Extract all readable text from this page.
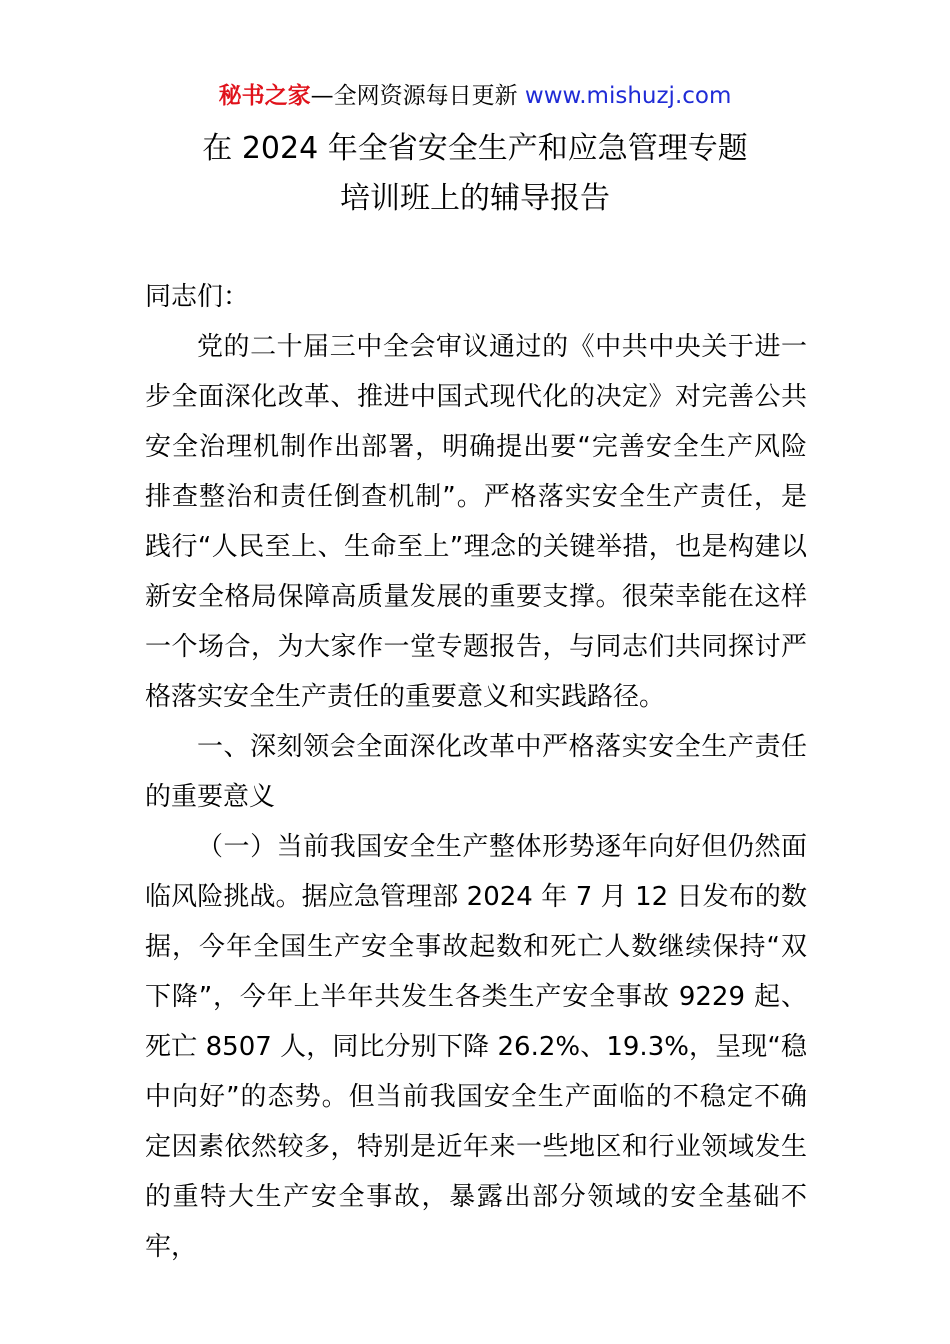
秘书之家—全网资源每日更新 www.mishuzj.com
在 2024 年全省安全生产和应急管理专题
培训班上的辅导报告

同志们：

党的二十届三中全会审议通过的《中共中央关于进一步全面深化改革、推进中国式现代化的决定》对完善公共安全治理机制作出部署，明确提出要“完善安全生产风险排查整治和责任倒查机制”。严格落实安全生产责任，是践行“人民至上、生命至上”理念的关键举措，也是构建以新安全格局保障高质量发展的重要支撑。很荣幸能在这样一个场合，为大家作一堂专题报告，与同志们共同探讨严格落实安全生产责任的重要意义和实践路径。

一、深刻领会全面深化改革中严格落实安全生产责任的重要意义

（一）当前我国安全生产整体形势逐年向好但仍然面临风险挑战。据应急管理部 2024 年 7 月 12 日发布的数据，今年全国生产安全事故起数和死亡人数继续保持“双下降”，今年上半年共发生各类生产安全事故 9229 起、死亡 8507 人，同比分别下降 26.2%、19.3%，呈现“稳中向好”的态势。但当前我国安全生产面临的不稳定不确定因素依然较多，特别是近年来一些地区和行业领域发生的重特大生产安全事故，暴露出部分领域的安全基础不牢，
